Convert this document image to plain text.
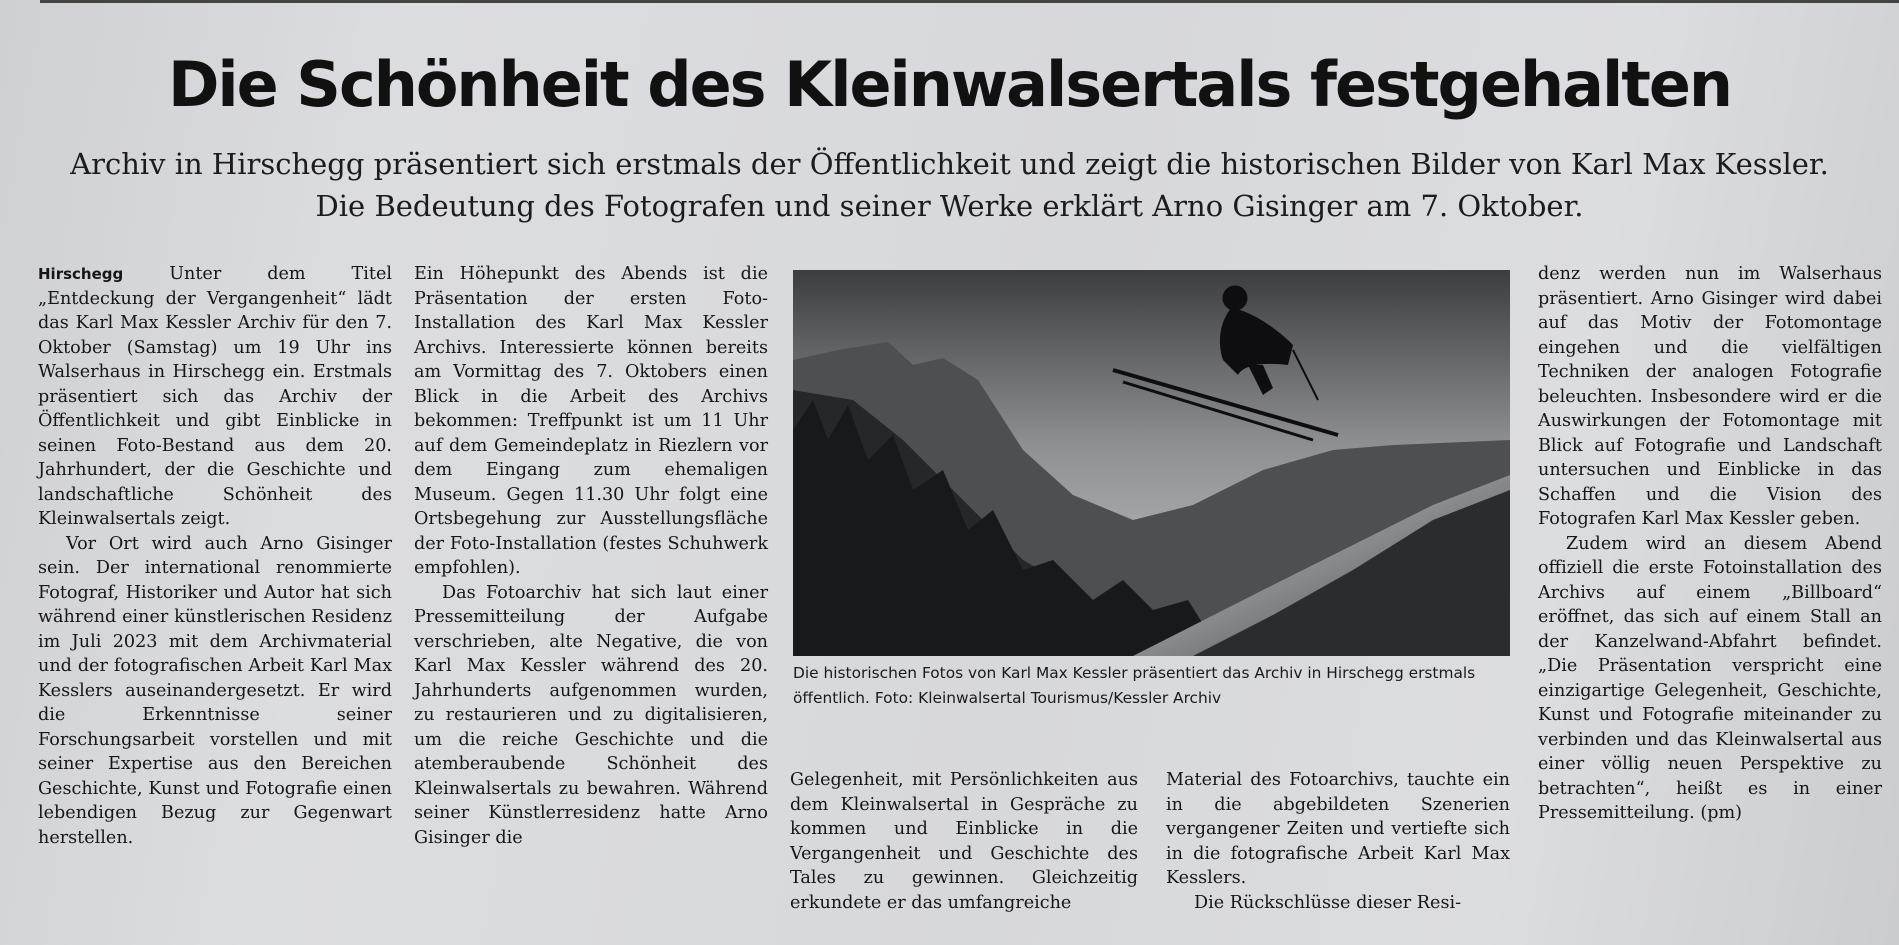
Die Schönheit des Kleinwalsertals festgehalten

Archiv in Hirschegg präsentiert sich erstmals der Öffentlichkeit und zeigt die historischen Bilder von Karl Max Kessler. Die Bedeutung des Fotografen und seiner Werke erklärt Arno Gisinger am 7. Oktober.

Hirschegg	Unter dem Titel „Entdeckung der Vergangenheit“ lädt das Karl Max Kessler Archiv für den 7. Oktober (Samstag) um 19 Uhr ins Walserhaus in Hirschegg ein. Erstmals präsentiert sich das Archiv der Öffentlichkeit und gibt Einblicke in seinen Foto-Bestand aus dem 20. Jahrhundert, der die Geschichte und landschaftliche Schönheit des Kleinwalsertals zeigt.

Vor Ort wird auch Arno Gisinger sein. Der international renommierte Fotograf, Historiker und Autor hat sich während einer künstlerischen Residenz im Juli 2023 mit dem Archivmaterial und der fotografischen Arbeit Karl Max Kesslers auseinandergesetzt. Er wird die Erkenntnisse seiner Forschungsarbeit vorstellen und mit seiner Expertise aus den Bereichen Geschichte, Kunst und Fotografie einen lebendigen Bezug zur Gegenwart herstellen.

Ein Höhepunkt des Abends ist die Präsentation der ersten Foto-Installation des Karl Max Kessler Archivs. Interessierte können bereits am Vormittag des 7. Oktobers einen Blick in die Arbeit des Archivs bekommen: Treffpunkt ist um 11 Uhr auf dem Gemeindeplatz in Riezlern vor dem Eingang zum ehemaligen Museum. Gegen 11.30 Uhr folgt eine Ortsbegehung zur Ausstellungsfläche der Foto-Installation (festes Schuhwerk empfohlen).

Das Fotoarchiv hat sich laut einer Pressemitteilung der Aufgabe verschrieben, alte Negative, die von Karl Max Kessler während des 20. Jahrhunderts aufgenommen wurden, zu restaurieren und zu digitalisieren, um die reiche Geschichte und die atemberaubende Schönheit des Kleinwalsertals zu bewahren. Während seiner Künstlerresidenz hatte Arno Gisinger die

Die historischen Fotos von Karl Max Kessler präsentiert das Archiv in Hirschegg erstmals öffentlich. Foto: Kleinwalsertal Tourismus/Kessler Archiv

Gelegenheit, mit Persönlichkeiten aus dem Kleinwalsertal in Gespräche zu kommen und Einblicke in die Vergangenheit und Geschichte des Tales zu gewinnen. Gleichzeitig erkundete er das umfangreiche

Material des Fotoarchivs, tauchte ein in die abgebildeten Szenerien vergangener Zeiten und vertiefte sich in die fotografische Arbeit Karl Max Kesslers.

Die Rückschlüsse dieser Resi-

denz werden nun im Walserhaus präsentiert. Arno Gisinger wird dabei auf das Motiv der Fotomontage eingehen und die vielfältigen Techniken der analogen Fotografie beleuchten. Insbesondere wird er die Auswirkungen der Fotomontage mit Blick auf Fotografie und Landschaft untersuchen und Einblicke in das Schaffen und die Vision des Fotografen Karl Max Kessler geben.

Zudem wird an diesem Abend offiziell die erste Fotoinstallation des Archivs auf einem „Billboard“ eröffnet, das sich auf einem Stall an der Kanzelwand-Abfahrt befindet. „Die Präsentation verspricht eine einzigartige Gelegenheit, Geschichte, Kunst und Fotografie miteinander zu verbinden und das Kleinwalsertal aus einer völlig neuen Perspektive zu betrachten“, heißt es in einer Pressemitteilung. (pm)
